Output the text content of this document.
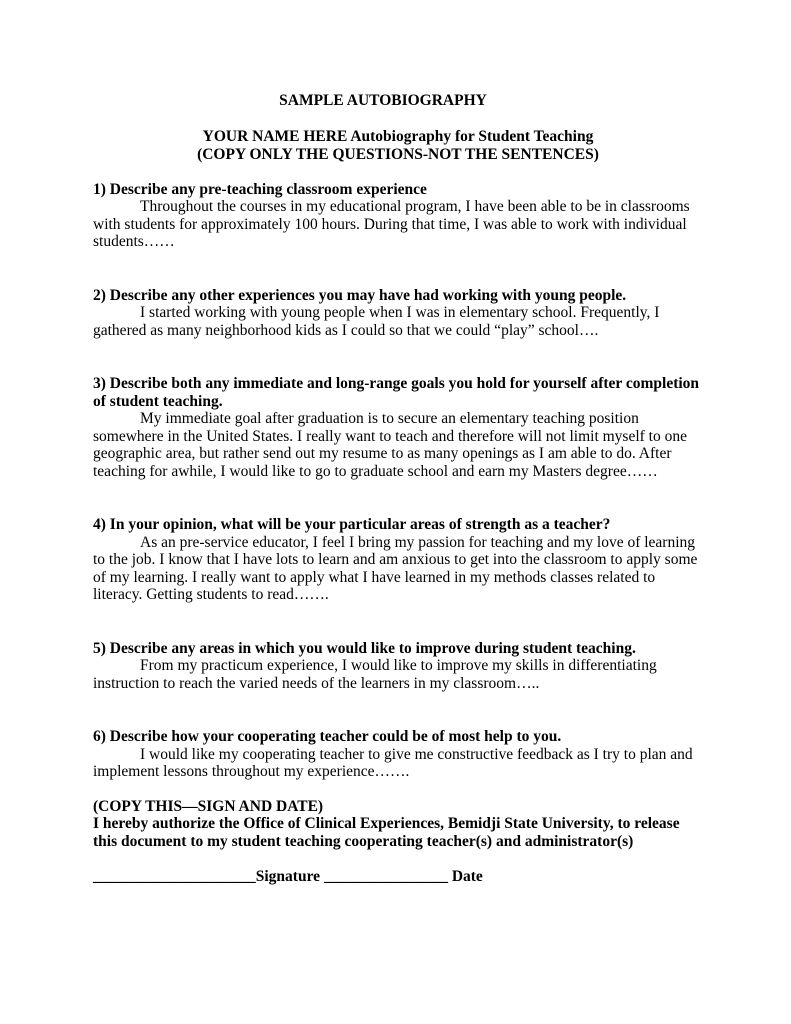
SAMPLE AUTOBIOGRAPHY
YOUR NAME HERE Autobiography for Student Teaching
(COPY ONLY THE QUESTIONS-NOT THE SENTENCES)

1) Describe any pre-teaching classroom experience

Throughout the courses in my educational program, I have been able to be in classrooms with students for approximately 100 hours. During that time, I was able to work with individual students……

2) Describe any other experiences you may have had working with young people.

I started working with young people when I was in elementary school. Frequently, I gathered as many neighborhood kids as I could so that we could “play” school….

3) Describe both any immediate and long-range goals you hold for yourself after completion of student teaching.

My immediate goal after graduation is to secure an elementary teaching position somewhere in the United States. I really want to teach and therefore will not limit myself to one geographic area, but rather send out my resume to as many openings as I am able to do. After teaching for awhile, I would like to go to graduate school and earn my Masters degree……

4) In your opinion, what will be your particular areas of strength as a teacher?

As an pre-service educator, I feel I bring my passion for teaching and my love of learning to the job. I know that I have lots to learn and am anxious to get into the classroom to apply some of my learning. I really want to apply what I have learned in my methods classes related to literacy. Getting students to read…….

5) Describe any areas in which you would like to improve during student teaching.

From my practicum experience, I would like to improve my skills in differentiating instruction to reach the varied needs of the learners in my classroom…..

6) Describe how your cooperating teacher could be of most help to you.

I would like my cooperating teacher to give me constructive feedback as I try to plan and implement lessons throughout my experience…….

(COPY THIS—SIGN AND DATE)
I hereby authorize the Office of Clinical Experiences, Bemidji State University, to release this document to my student teaching cooperating teacher(s) and administrator(s)
_____________________Signature ________________ Date
